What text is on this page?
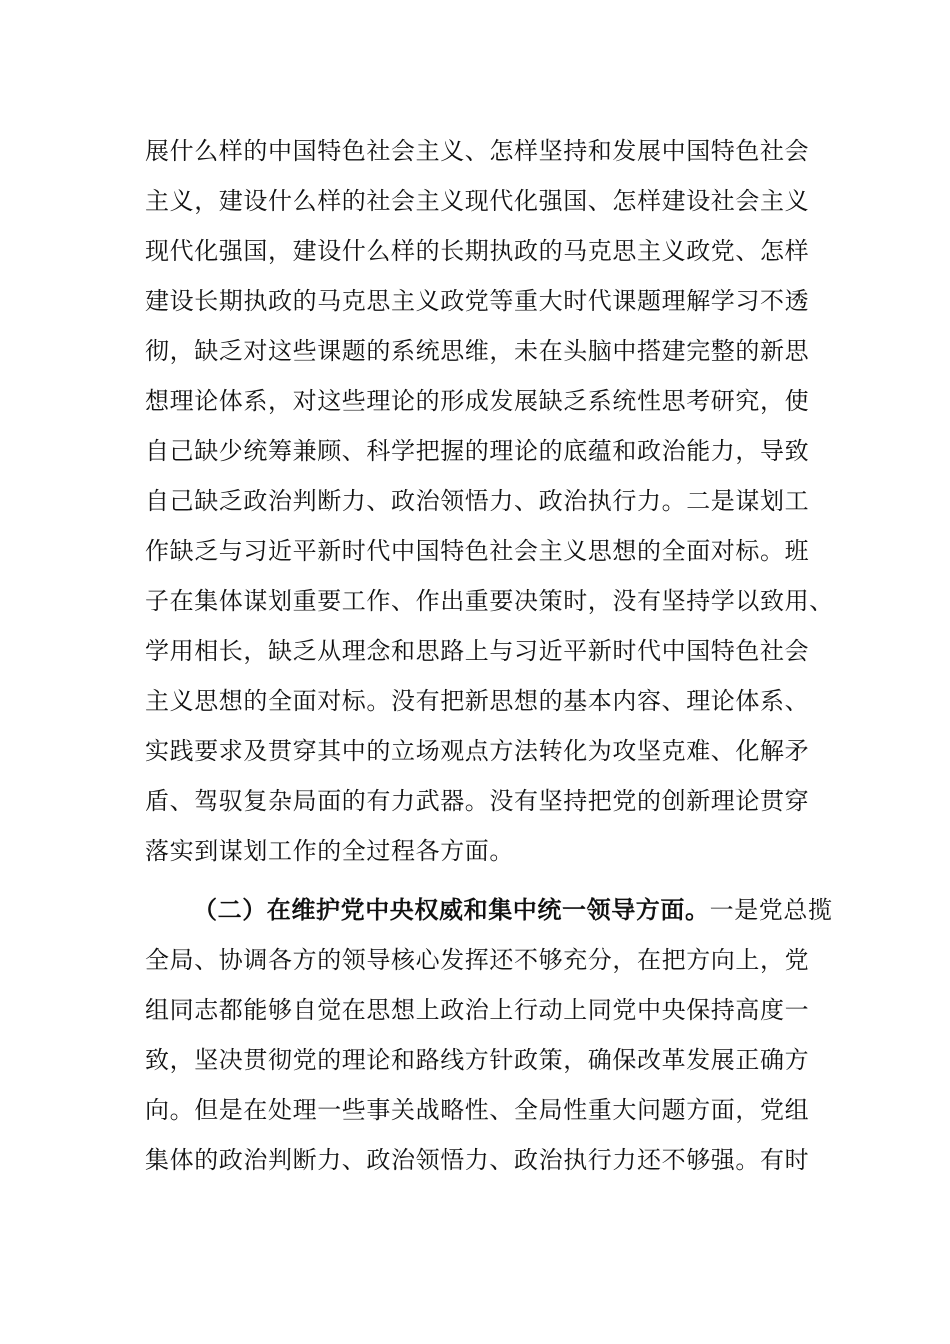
展什么样的中国特色社会主义、怎样坚持和发展中国特色社会
主义，建设什么样的社会主义现代化强国、怎样建设社会主义
现代化强国，建设什么样的长期执政的马克思主义政党、怎样
建设长期执政的马克思主义政党等重大时代课题理解学习不透
彻，缺乏对这些课题的系统思维，未在头脑中搭建完整的新思
想理论体系，对这些理论的形成发展缺乏系统性思考研究，使
自己缺少统筹兼顾、科学把握的理论的底蕴和政治能力，导致
自己缺乏政治判断力、政治领悟力、政治执行力。二是谋划工
作缺乏与习近平新时代中国特色社会主义思想的全面对标。班
子在集体谋划重要工作、作出重要决策时，没有坚持学以致用、
学用相长，缺乏从理念和思路上与习近平新时代中国特色社会
主义思想的全面对标。没有把新思想的基本内容、理论体系、
实践要求及贯穿其中的立场观点方法转化为攻坚克难、化解矛
盾、驾驭复杂局面的有力武器。没有坚持把党的创新理论贯穿
落实到谋划工作的全过程各方面。
（二）在维护党中央权威和集中统一领导方面。一是党总揽
全局、协调各方的领导核心发挥还不够充分，在把方向上，党
组同志都能够自觉在思想上政治上行动上同党中央保持高度一
致，坚决贯彻党的理论和路线方针政策，确保改革发展正确方
向。但是在处理一些事关战略性、全局性重大问题方面，党组
集体的政治判断力、政治领悟力、政治执行力还不够强。有时
